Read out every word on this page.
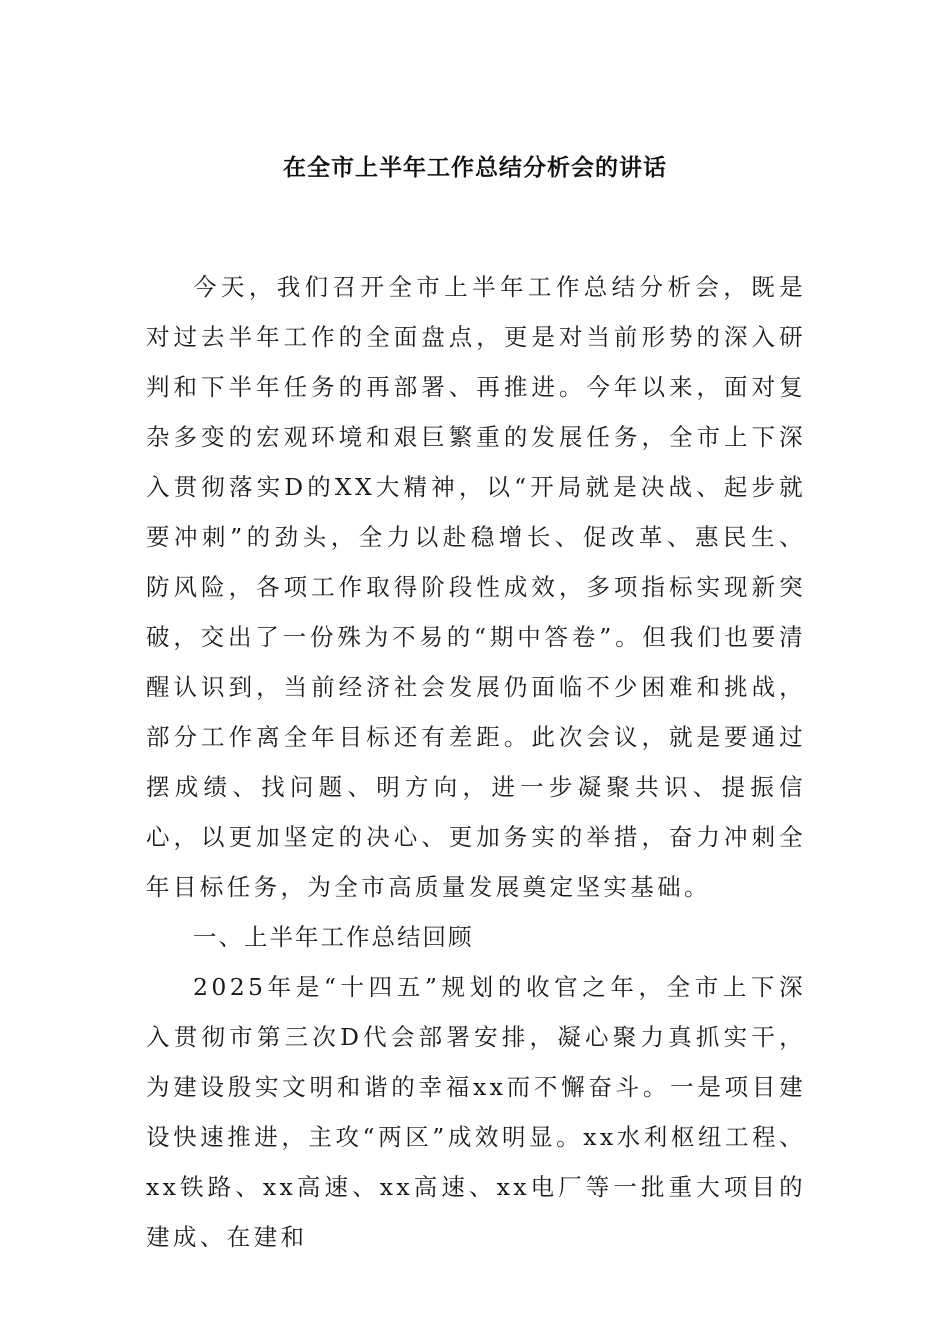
在全市上半年工作总结分析会的讲话

今天，我们召开全市上半年工作总结分析会，既是对过去半年工作的全面盘点，更是对当前形势的深入研判和下半年任务的再部署、再推进。今年以来，面对复杂多变的宏观环境和艰巨繁重的发展任务，全市上下深入贯彻落实D的XX大精神，以“开局就是决战、起步就要冲刺”的劲头，全力以赴稳增长、促改革、惠民生、防风险，各项工作取得阶段性成效，多项指标实现新突破，交出了一份殊为不易的“期中答卷”。但我们也要清醒认识到，当前经济社会发展仍面临不少困难和挑战，部分工作离全年目标还有差距。此次会议，就是要通过摆成绩、找问题、明方向，进一步凝聚共识、提振信心，以更加坚定的决心、更加务实的举措，奋力冲刺全年目标任务，为全市高质量发展奠定坚实基础。

一、上半年工作总结回顾

2025年是“十四五”规划的收官之年，全市上下深入贯彻市第三次D代会部署安排，凝心聚力真抓实干，为建设殷实文明和谐的幸福xx而不懈奋斗。一是项目建设快速推进，主攻“两区”成效明显。xx水利枢纽工程、xx铁路、xx高速、xx高速、xx电厂等一批重大项目的建成、在建和
